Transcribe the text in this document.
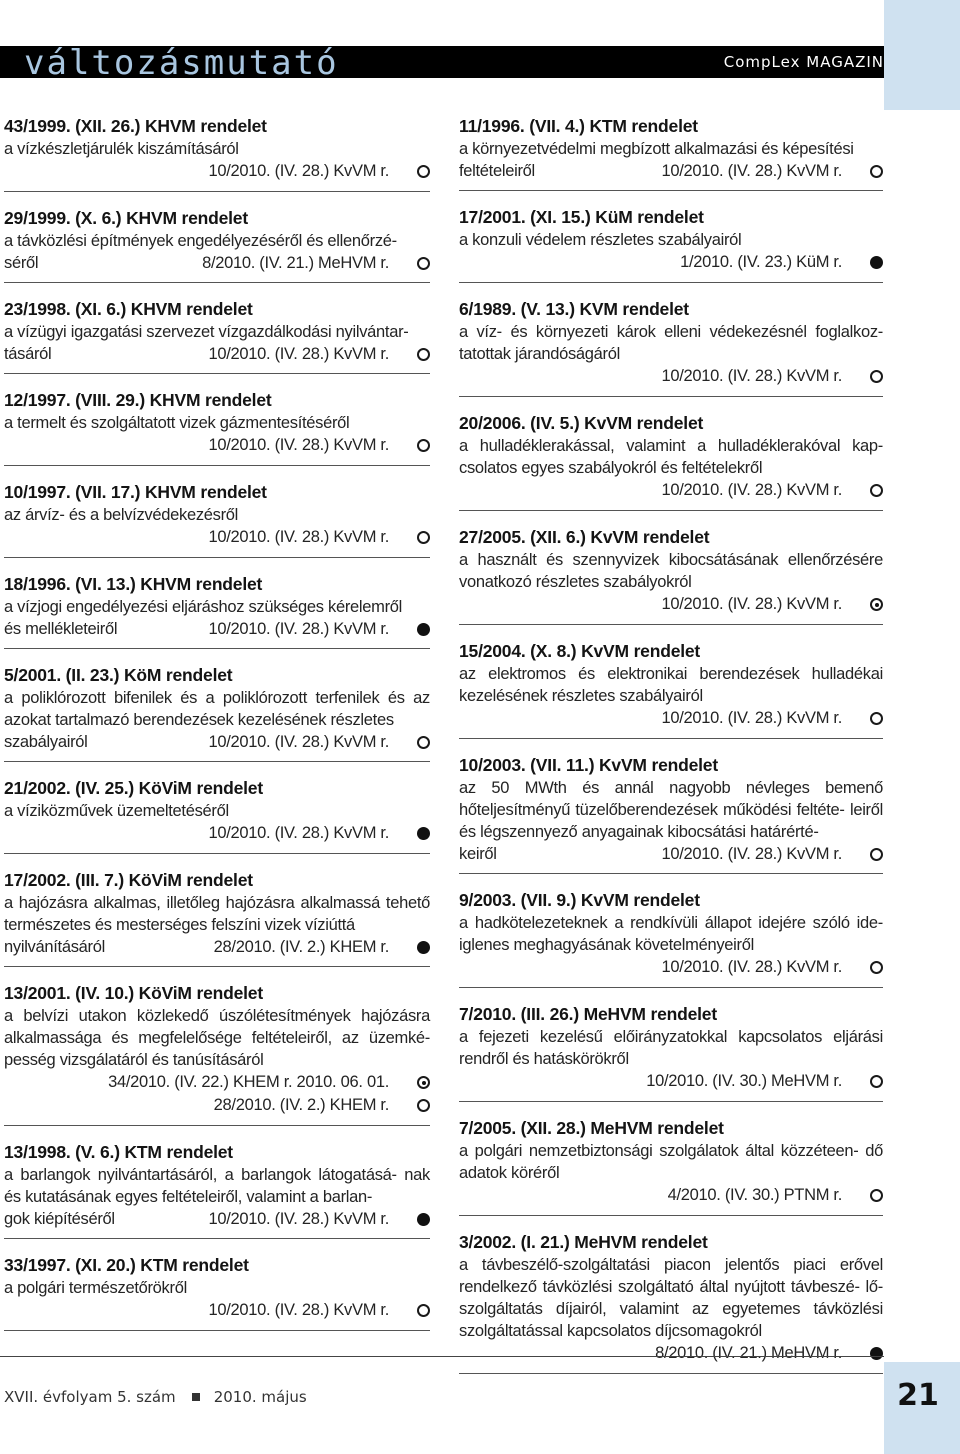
változásmutató	CompLex MAGAZIN
43/1999. (XII. 26.) KHVM rendelet
a vízkészletjárulék kiszámításáról
10/2010. (IV. 28.) KvVM r.
29/1999. (X. 6.) KHVM rendelet
a távközlési építmények engedélyezéséről és ellenőrzé-
séről	8/2010. (IV. 21.) MeHVM r.
23/1998. (XI. 6.) KHVM rendelet
a vízügyi igazgatási szervezet vízgazdálkodási nyilvántar-
tásáról	10/2010. (IV. 28.) KvVM r.
12/1997. (VIII. 29.) KHVM rendelet
a termelt és szolgáltatott vizek gázmentesítéséről
10/2010. (IV. 28.) KvVM r.
10/1997. (VII. 17.) KHVM rendelet
az árvíz- és a belvízvédekezésről
10/2010. (IV. 28.) KvVM r.
18/1996. (VI. 13.) KHVM rendelet
a vízjogi engedélyezési eljáráshoz szükséges kérelemről
és mellékleteiről	10/2010. (IV. 28.) KvVM r.
5/2001. (II. 23.) KöM rendelet
a poliklórozott bifenilek és a poliklórozott terfenilek és az azokat tartalmazó berendezések kezelésének részletes
szabályairól	10/2010. (IV. 28.) KvVM r.
21/2002. (IV. 25.) KöViM rendelet
a víziközművek üzemeltetéséről
10/2010. (IV. 28.) KvVM r.
17/2002. (III. 7.) KöViM rendelet
a hajózásra alkalmas, illetőleg hajózásra alkalmassá tehető természetes és mesterséges felszíni vizek víziúttá
nyilvánításáról	28/2010. (IV. 2.) KHEM r.
13/2001. (IV. 10.) KöViM rendelet
a belvízi utakon közlekedő úszólétesítmények hajózásra alkalmassága és megfelelősége feltételeiről, az üzemké- pesség vizsgálatáról és tanúsításáról
34/2010. (IV. 22.) KHEM r. 2010. 06. 01.
28/2010. (IV. 2.) KHEM r.
13/1998. (V. 6.) KTM rendelet
a barlangok nyilvántartásáról, a barlangok látogatásá- nak és kutatásának egyes feltételeiről, valamint a barlan-
gok kiépítéséről	10/2010. (IV. 28.) KvVM r.
33/1997. (XI. 20.) KTM rendelet
a polgári természetőrökről
10/2010. (IV. 28.) KvVM r.
11/1996. (VII. 4.) KTM rendelet
a környezetvédelmi megbízott alkalmazási és képesítési
feltételeiről	10/2010. (IV. 28.) KvVM r.
17/2001. (XI. 15.) KüM rendelet
a konzuli védelem részletes szabályairól
1/2010. (IV. 23.) KüM r.
6/1989. (V. 13.) KVM rendelet
a víz- és környezeti károk elleni védekezésnél foglalkoz- tatottak járandóságáról
10/2010. (IV. 28.) KvVM r.
20/2006. (IV. 5.) KvVM rendelet
a hulladéklerakással, valamint a hulladéklerakóval kap- csolatos egyes szabályokról és feltételekről
10/2010. (IV. 28.) KvVM r.
27/2005. (XII. 6.) KvVM rendelet
a használt és szennyvizek kibocsátásának ellenőrzésére vonatkozó részletes szabályokról
10/2010. (IV. 28.) KvVM r.
15/2004. (X. 8.) KvVM rendelet
az elektromos és elektronikai berendezések hulladékai kezelésének részletes szabályairól
10/2010. (IV. 28.) KvVM r.
10/2003. (VII. 11.) KvVM rendelet
az 50 MWth és annál nagyobb névleges bemenő hőteljesítményű tüzelőberendezések működési feltéte- leiről és légszennyező anyagainak kibocsátási határérté-
keiről	10/2010. (IV. 28.) KvVM r.
9/2003. (VII. 9.) KvVM rendelet
a hadkötelezeteknek a rendkívüli állapot idejére szóló ide- iglenes meghagyásának követelményeiről
10/2010. (IV. 28.) KvVM r.
7/2010. (III. 26.) MeHVM rendelet
a fejezeti kezelésű előirányzatokkal kapcsolatos eljárási rendről és hatáskörökről
10/2010. (IV. 30.) MeHVM r.
7/2005. (XII. 28.) MeHVM rendelet
a polgári nemzetbiztonsági szolgálatok által közzéteen- dő adatok köréről
4/2010. (IV. 30.) PTNM r.
3/2002. (I. 21.) MeHVM rendelet
a távbeszélő-szolgáltatási piacon jelentős piaci erővel rendelkező távközlési szolgáltató által nyújtott távbeszé- lő-szolgáltatás díjairól, valamint az egyetemes távközlési szolgáltatással kapcsolatos díjcsomagokról
8/2010. (IV. 21.) MeHVM r.
XVII. évfolyam 5. szám	2010. május	21
